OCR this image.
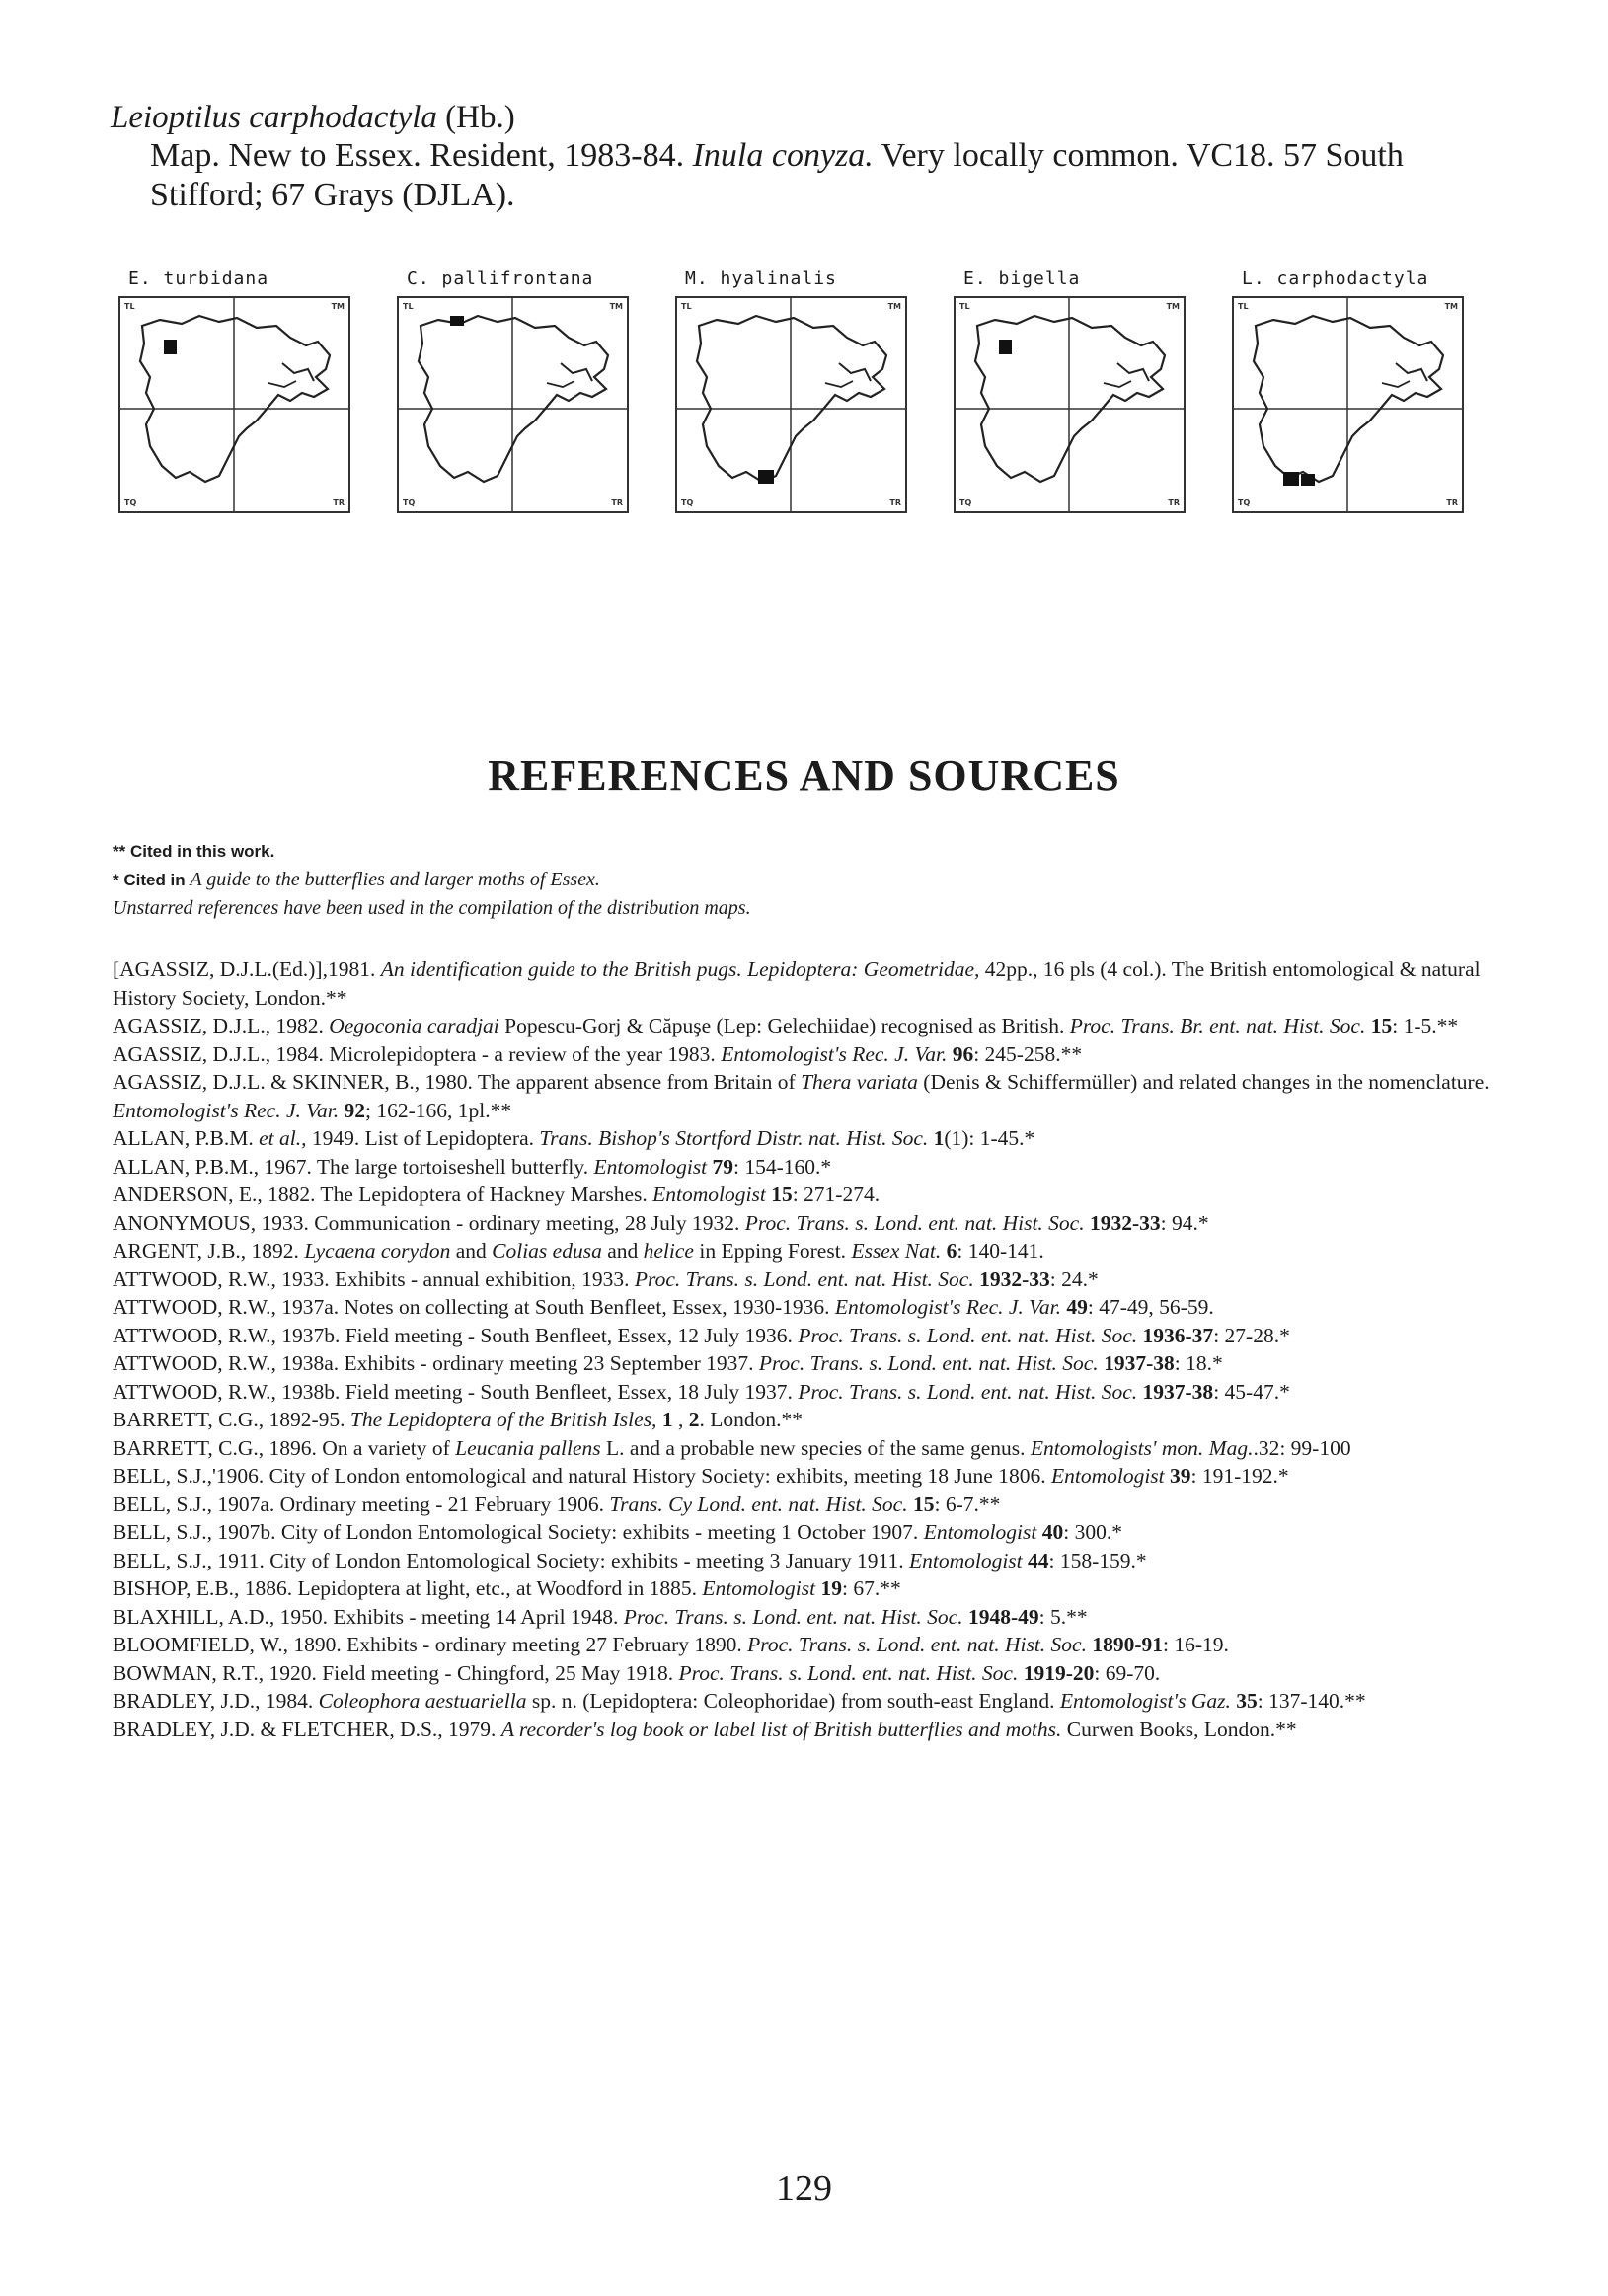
Leioptilus carphodactyla (Hb.)
Map. New to Essex. Resident, 1983-84. Inula conyza. Very locally common. VC18. 57 South
Stifford; 67 Grays (DJLA).
E. turbidana
TL	TM
TQ	TR
C. pallifrontana
TL	TM
TQ	TR
M. hyalinalis
TL	TM
TQ	TR
E. bigella
TL	TM
TQ	TR
L. carphodactyla
TL	TM
TQ	TR
REFERENCES AND SOURCES
** Cited in this work.
* Cited in A guide to the butterflies and larger moths of Essex.
Unstarred references have been used in the compilation of the distribution maps.
[AGASSIZ, D.J.L.(Ed.)],1981. An identification guide to the British pugs. Lepidoptera: Geometridae, 42pp., 16 pls (4 col.). The British entomological & natural History Society, London.**
AGASSIZ, D.J.L., 1982. Oegoconia caradjai Popescu-Gorj & Căpuşe (Lep: Gelechiidae) recognised as British. Proc. Trans. Br. ent. nat. Hist. Soc. 15: 1-5.**
AGASSIZ, D.J.L., 1984. Microlepidoptera - a review of the year 1983. Entomologist's Rec. J. Var. 96: 245-258.**
AGASSIZ, D.J.L. & SKINNER, B., 1980. The apparent absence from Britain of Thera variata (Denis & Schiffermüller) and related changes in the nomenclature. Entomologist's Rec. J. Var. 92; 162-166, 1pl.**
ALLAN, P.B.M. et al., 1949. List of Lepidoptera. Trans. Bishop's Stortford Distr. nat. Hist. Soc. 1(1): 1-45.*
ALLAN, P.B.M., 1967. The large tortoiseshell butterfly. Entomologist 79: 154-160.*
ANDERSON, E., 1882. The Lepidoptera of Hackney Marshes. Entomologist 15: 271-274.
ANONYMOUS, 1933. Communication - ordinary meeting, 28 July 1932. Proc. Trans. s. Lond. ent. nat. Hist. Soc. 1932-33: 94.*
ARGENT, J.B., 1892. Lycaena corydon and Colias edusa and helice in Epping Forest. Essex Nat. 6: 140-141.
ATTWOOD, R.W., 1933. Exhibits - annual exhibition, 1933. Proc. Trans. s. Lond. ent. nat. Hist. Soc. 1932-33: 24.*
ATTWOOD, R.W., 1937a. Notes on collecting at South Benfleet, Essex, 1930-1936. Entomologist's Rec. J. Var. 49: 47-49, 56-59.
ATTWOOD, R.W., 1937b. Field meeting - South Benfleet, Essex, 12 July 1936. Proc. Trans. s. Lond. ent. nat. Hist. Soc. 1936-37: 27-28.*
ATTWOOD, R.W., 1938a. Exhibits - ordinary meeting 23 September 1937. Proc. Trans. s. Lond. ent. nat. Hist. Soc. 1937-38: 18.*
ATTWOOD, R.W., 1938b. Field meeting - South Benfleet, Essex, 18 July 1937. Proc. Trans. s. Lond. ent. nat. Hist. Soc. 1937-38: 45-47.*
BARRETT, C.G., 1892-95. The Lepidoptera of the British Isles, 1 , 2. London.**
BARRETT, C.G., 1896. On a variety of Leucania pallens L. and a probable new species of the same genus. Entomologists' mon. Mag..32: 99-100
BELL, S.J.,'1906. City of London entomological and natural History Society: exhibits, meeting 18 June 1806. Entomologist 39: 191-192.*
BELL, S.J., 1907a. Ordinary meeting - 21 February 1906. Trans. Cy Lond. ent. nat. Hist. Soc. 15: 6-7.**
BELL, S.J., 1907b. City of London Entomological Society: exhibits - meeting 1 October 1907. Entomologist 40: 300.*
BELL, S.J., 1911. City of London Entomological Society: exhibits - meeting 3 January 1911. Entomologist 44: 158-159.*
BISHOP, E.B., 1886. Lepidoptera at light, etc., at Woodford in 1885. Entomologist 19: 67.**
BLAXHILL, A.D., 1950. Exhibits - meeting 14 April 1948. Proc. Trans. s. Lond. ent. nat. Hist. Soc. 1948-49: 5.**
BLOOMFIELD, W., 1890. Exhibits - ordinary meeting 27 February 1890. Proc. Trans. s. Lond. ent. nat. Hist. Soc. 1890-91: 16-19.
BOWMAN, R.T., 1920. Field meeting - Chingford, 25 May 1918. Proc. Trans. s. Lond. ent. nat. Hist. Soc. 1919-20: 69-70.
BRADLEY, J.D., 1984. Coleophora aestuariella sp. n. (Lepidoptera: Coleophoridae) from south-east England. Entomologist's Gaz. 35: 137-140.**
BRADLEY, J.D. & FLETCHER, D.S., 1979. A recorder's log book or label list of British butterflies and moths. Curwen Books, London.**
129
